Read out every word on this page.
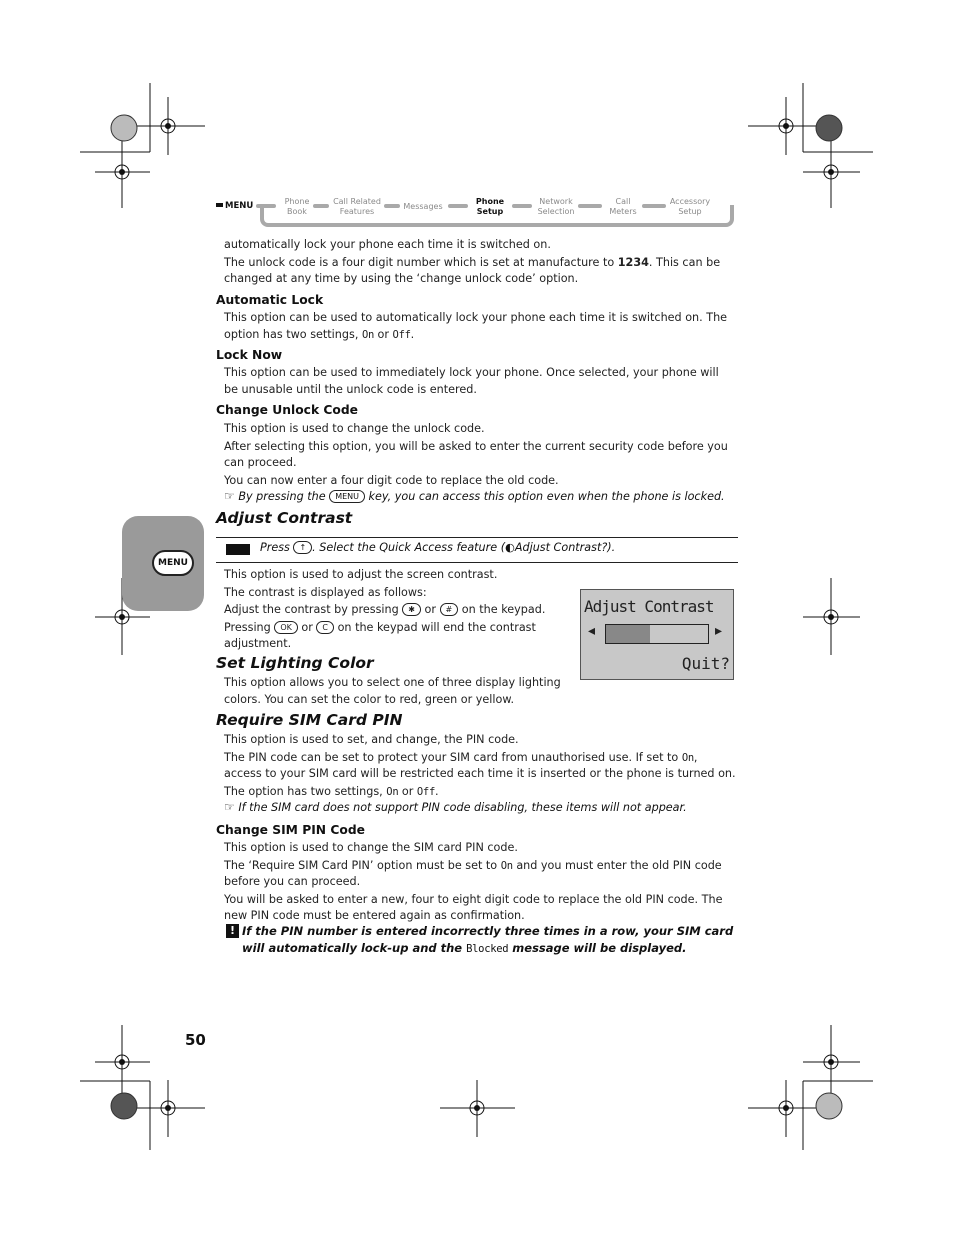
MENU	Phone
Book
Call Related
Features
Messages
Phone
Setup
Network
Selection
Call
Meters
Accessory
Setup
MENU

automatically lock your phone each time it is switched on.

The unlock code is a four digit number which is set at manufacture to 1234. This can be changed at any time by using the ‘change unlock code’ option.

Automatic Lock

This option can be used to automatically lock your phone each time it is switched on. The option has two settings, On or Off.

Lock Now

This option can be used to immediately lock your phone. Once selected, your phone will be unusable until the unlock code is entered.

Change Unlock Code

This option is used to change the unlock code.

After selecting this option, you will be asked to enter the current security code before you can proceed.

You can now enter a four digit code to replace the old code.

☞ By pressing the MENU key, you can access this option even when the phone is locked.
Adjust Contrast
Press ↑ . Select the Quick Access feature (◐Adjust Contrast?).

This option is used to adjust the screen contrast.

The contrast is displayed as follows:

Adjust the contrast by pressing ✱ or # on the keypad.

Pressing OK or C on the keypad will end the contrast adjustment.

Adjust Contrast
◂	▸
Quit?
Set Lighting Color

This option allows you to select one of three display lighting colors. You can set the color to red, green or yellow.

Require SIM Card PIN

This option is used to set, and change, the PIN code.

The PIN code can be set to protect your SIM card from unauthorised use. If set to On, access to your SIM card will be restricted each time it is inserted or the phone is turned on.

The option has two settings, On or Off.

☞ If the SIM card does not support PIN code disabling, these items will not appear.
Change SIM PIN Code

This option is used to change the SIM card PIN code.

The ‘Require SIM Card PIN’ option must be set to On and you must enter the old PIN code before you can proceed.

You will be asked to enter a new, four to eight digit code to replace the old PIN code. The new PIN code must be entered again as confirmation.

! If the PIN number is entered incorrectly three times in a row, your SIM card will automatically lock-up and the Blocked message will be displayed.
50
